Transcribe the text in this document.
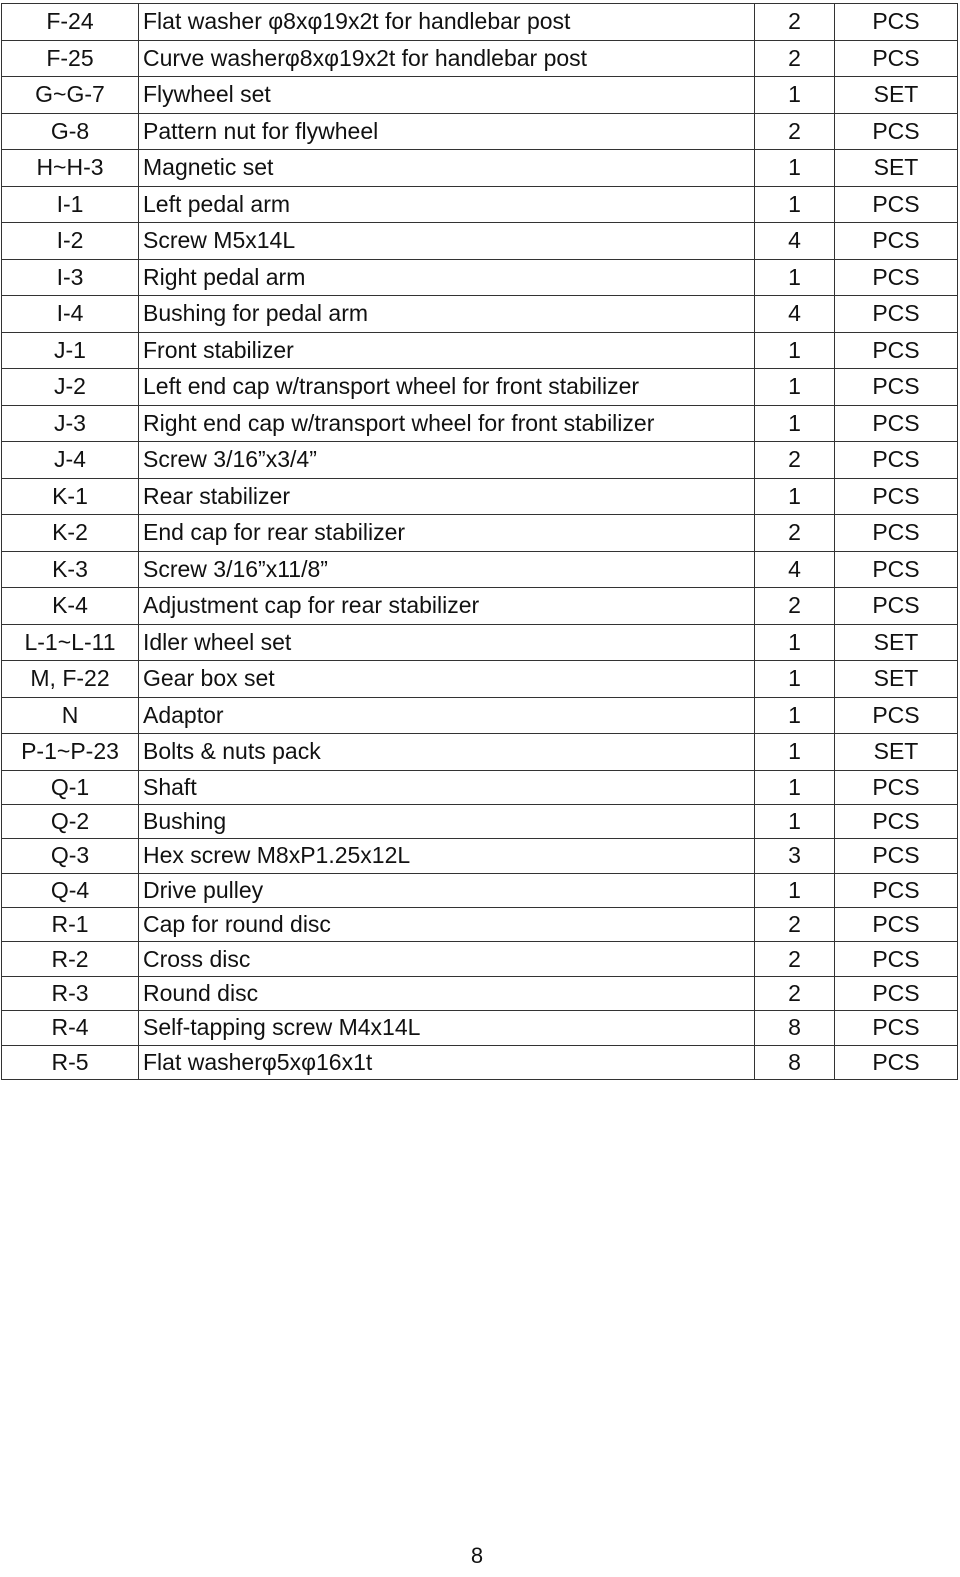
F-24	Flat washer φ8xφ19x2t for handlebar post	2	PCS
F-25	Curve washerφ8xφ19x2t for handlebar post	2	PCS
G~G-7	Flywheel set	1	SET
G-8	Pattern nut for flywheel	2	PCS
H~H-3	Magnetic set	1	SET
I-1	Left pedal arm	1	PCS
I-2	Screw M5x14L	4	PCS
I-3	Right pedal arm	1	PCS
I-4	Bushing for pedal arm	4	PCS
J-1	Front stabilizer	1	PCS
J-2	Left end cap w/transport wheel for front stabilizer	1	PCS
J-3	Right end cap w/transport wheel for front stabilizer	1	PCS
J-4	Screw 3/16”x3/4”	2	PCS
K-1	Rear stabilizer	1	PCS
K-2	End cap for rear stabilizer	2	PCS
K-3	Screw 3/16”x11/8”	4	PCS
K-4	Adjustment cap for rear stabilizer	2	PCS
L-1~L-11	Idler wheel set	1	SET
M, F-22	Gear box set	1	SET
N	Adaptor	1	PCS
P-1~P-23	Bolts & nuts pack	1	SET
Q-1	Shaft	1	PCS
Q-2	Bushing	1	PCS
Q-3	Hex screw M8xP1.25x12L	3	PCS
Q-4	Drive pulley	1	PCS
R-1	Cap for round disc	2	PCS
R-2	Cross disc	2	PCS
R-3	Round disc	2	PCS
R-4	Self-tapping screw M4x14L	8	PCS
R-5	Flat washerφ5xφ16x1t	8	PCS
8
